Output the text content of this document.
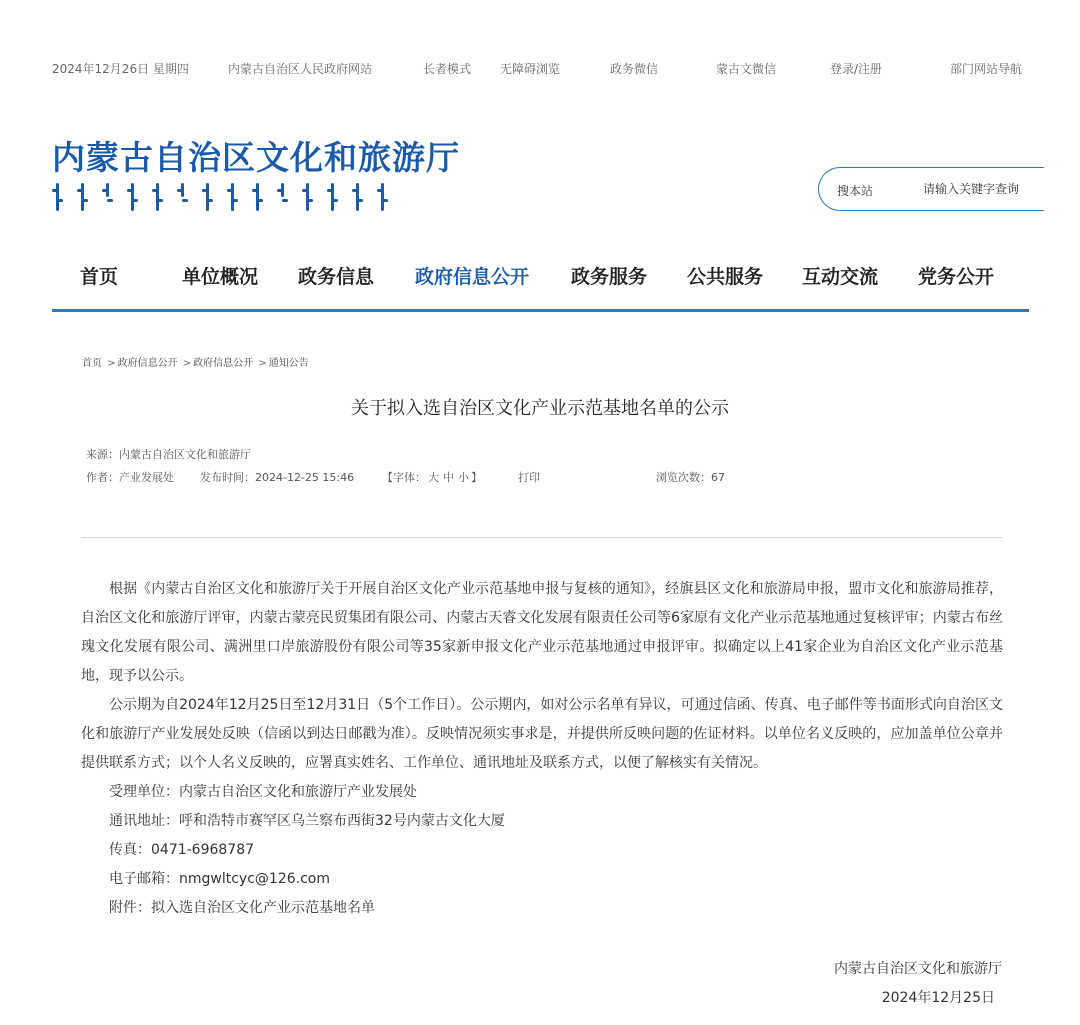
2024年12月26日 星期四	内蒙古自治区人民政府网站	长者模式 无障碍浏览	政务微信	蒙古文微信	登录/注册	部门网站导航
内蒙古自治区文化和旅游厅
搜本站
请输入关键字查询
首页	单位概况 政务信息 政府信息公开 政务服务 公共服务 互动交流 党务公开
首页 > 政府信息公开 > 政府信息公开 > 通知公告
关于拟入选自治区文化产业示范基地名单的公示
来源：内蒙古自治区文化和旅游厅
作者：产业发展处 发布时间：2024-12-25 15:46	【字体： 大 中 小 】	打印	浏览次数：67

根据《内蒙古自治区文化和旅游厅关于开展自治区文化产业示范基地申报与复核的通知》，经旗县区文化和旅游局申报，盟市文化和旅游局推荐，自治区文化和旅游厅评审，内蒙古蒙亮民贸集团有限公司、内蒙古天睿文化发展有限责任公司等6家原有文化产业示范基地通过复核评审；内蒙古布丝瑰文化发展有限公司、满洲里口岸旅游股份有限公司等35家新申报文化产业示范基地通过申报评审。拟确定以上41家企业为自治区文化产业示范基地，现予以公示。

公示期为自2024年12月25日至12月31日（5个工作日）。公示期内，如对公示名单有异议，可通过信函、传真、电子邮件等书面形式向自治区文化和旅游厅产业发展处反映（信函以到达日邮戳为准）。反映情况须实事求是，并提供所反映问题的佐证材料。以单位名义反映的，应加盖单位公章并提供联系方式；以个人名义反映的，应署真实姓名、工作单位、通讯地址及联系方式，以便了解核实有关情况。

受理单位：内蒙古自治区文化和旅游厅产业发展处

通讯地址：呼和浩特市赛罕区乌兰察布西街32号内蒙古文化大厦

传真：0471-6968787

电子邮箱：nmgwltcyc@126.com

附件：拟入选自治区文化产业示范基地名单

内蒙古自治区文化和旅游厅
2024年12月25日
